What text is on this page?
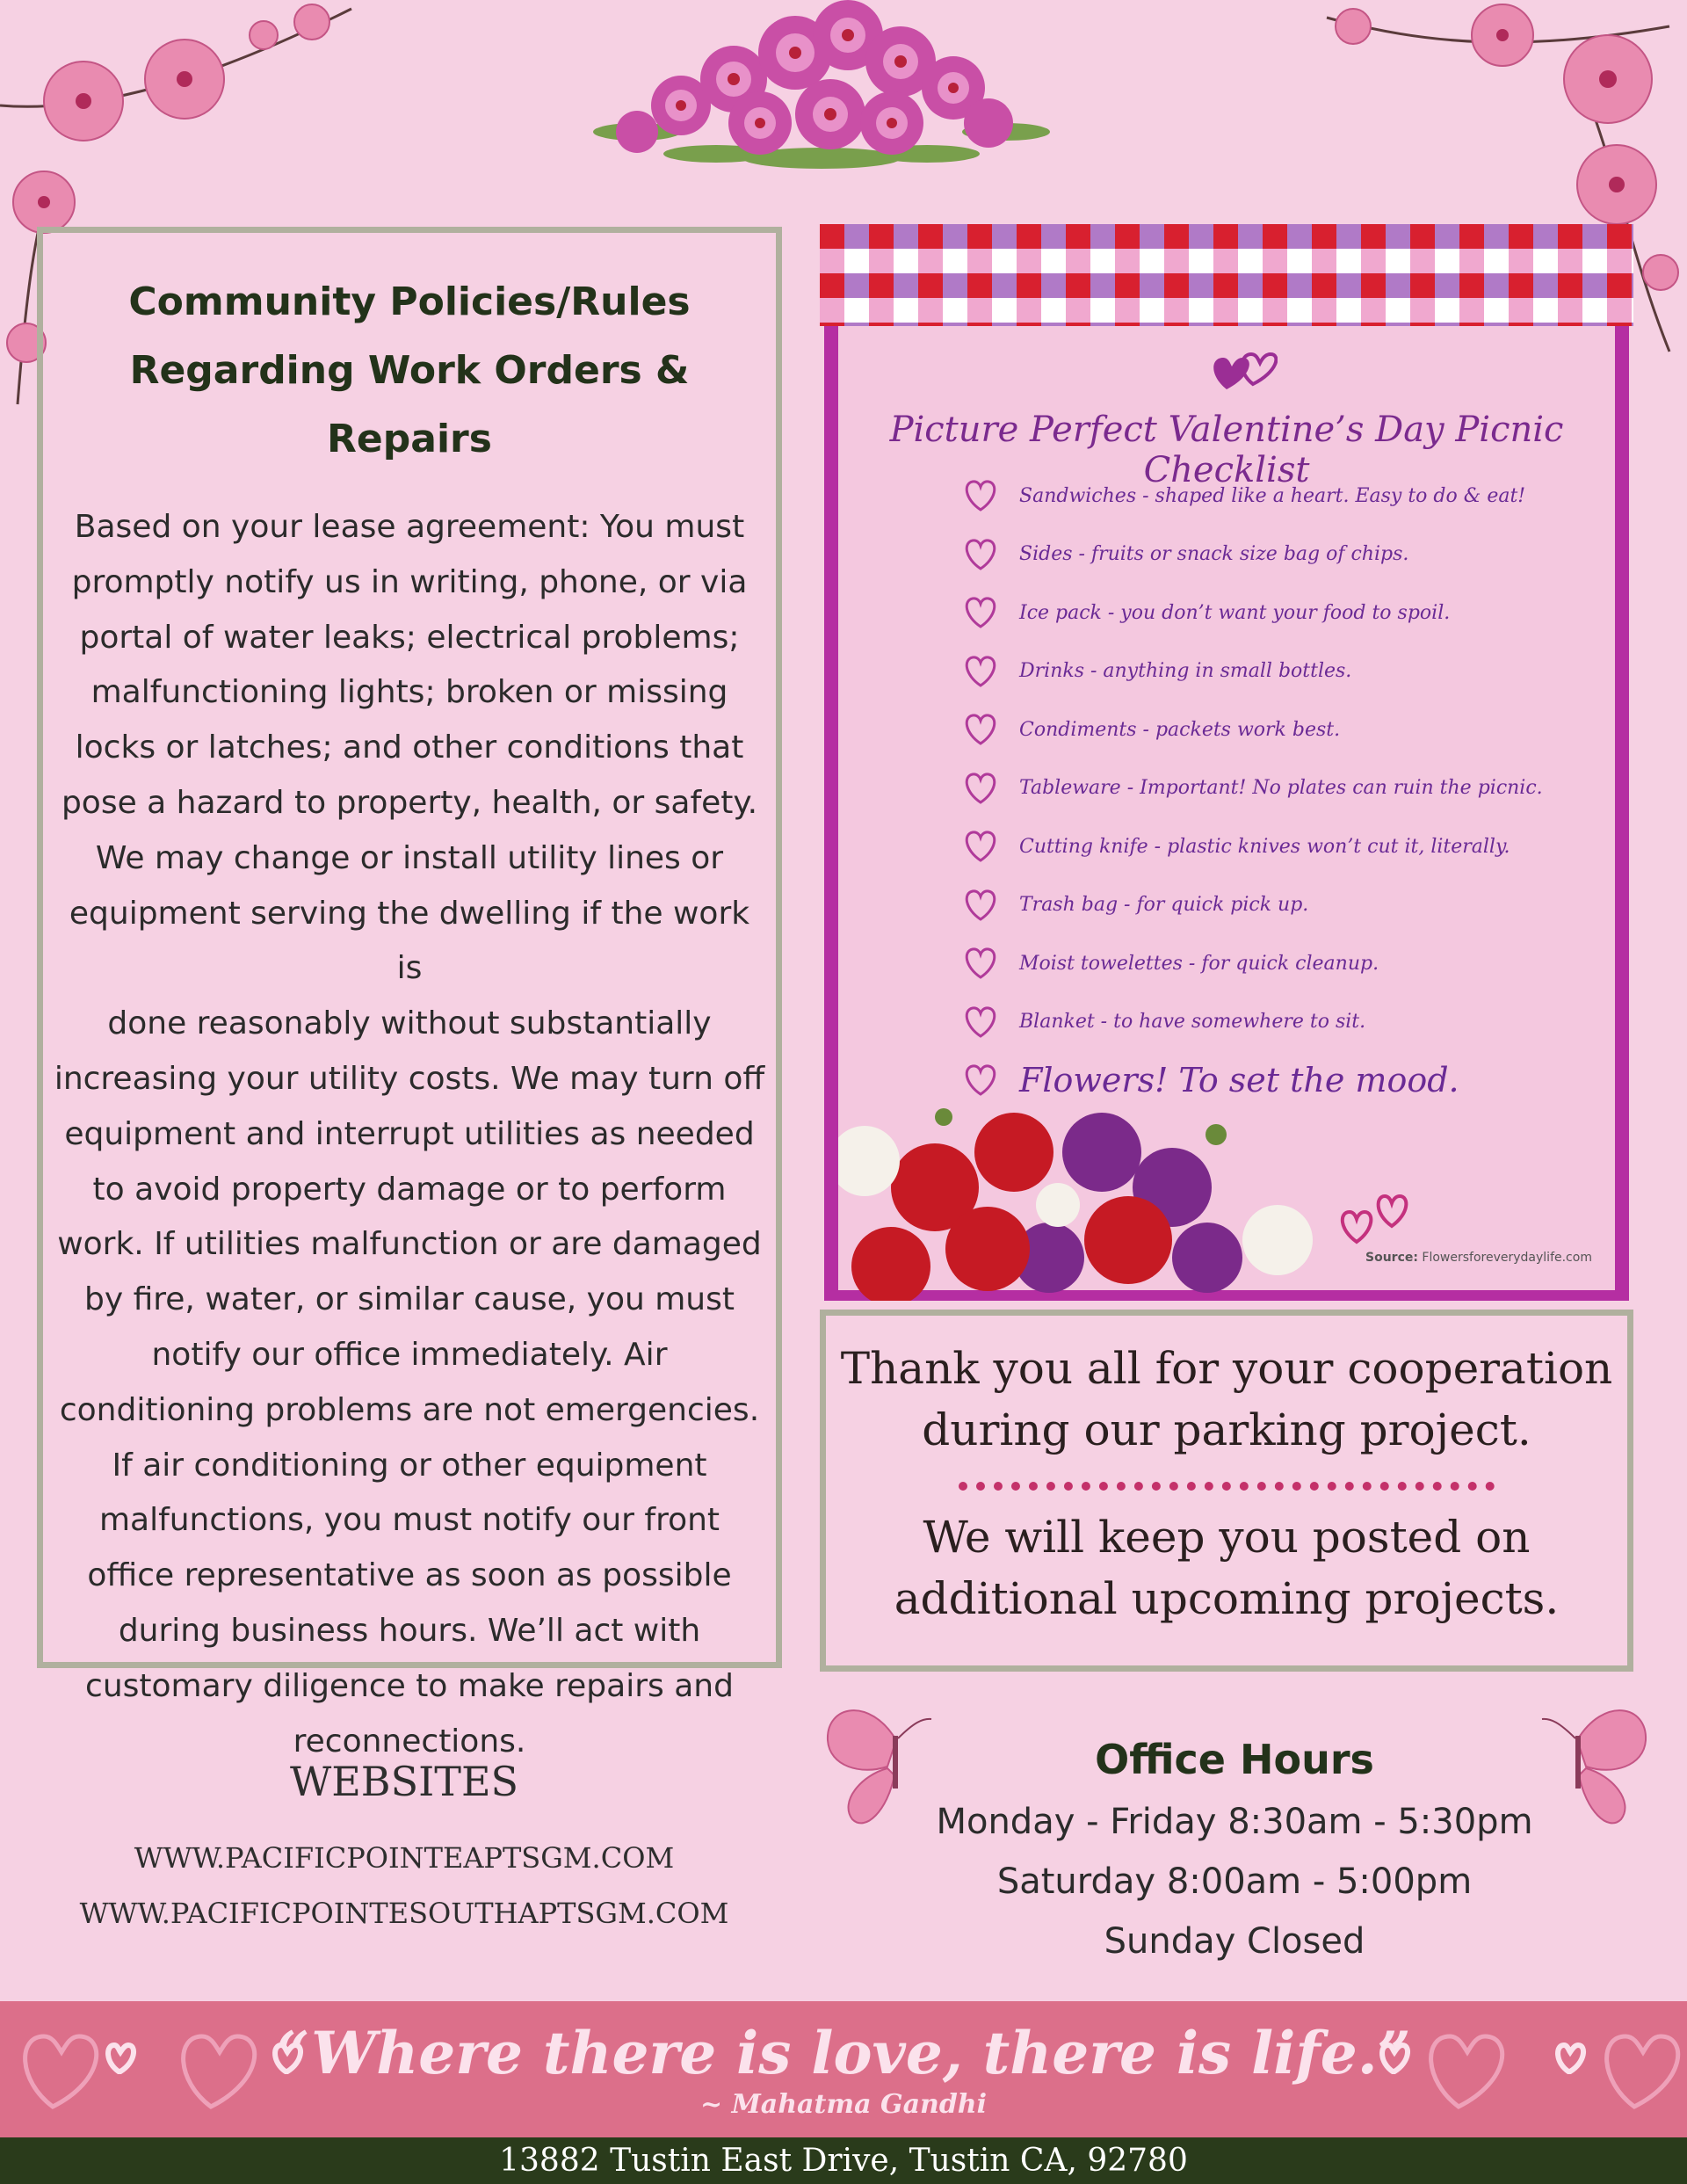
Community Policies/Rules
Regarding Work Orders & Repairs
Based on your lease agreement: You must
promptly notify us in writing, phone, or via
portal of water leaks; electrical problems;
malfunctioning lights; broken or missing
locks or latches; and other conditions that
pose a hazard to property, health, or safety.
We may change or install utility lines or
equipment serving the dwelling if the work is
done reasonably without substantially
increasing your utility costs. We may turn off
equipment and interrupt utilities as needed
to avoid property damage or to perform
work. If utilities malfunction or are damaged
by fire, water, or similar cause, you must
notify our office immediately. Air
conditioning problems are not emergencies.
If air conditioning or other equipment
malfunctions, you must notify our front
office representative as soon as possible
during business hours. We’ll act with
customary diligence to make repairs and
reconnections.
Picture Perfect Valentine’s Day Picnic Checklist
Sandwiches - shaped like a heart. Easy to do & eat!
Sides - fruits or snack size bag of chips.
Ice pack - you don’t want your food to spoil.
Drinks - anything in small bottles.
Condiments - packets work best.
Tableware - Important! No plates can ruin the picnic.
Cutting knife - plastic knives won’t cut it, literally.
Trash bag - for quick pick up.
Moist towelettes - for quick cleanup.
Blanket - to have somewhere to sit.
Flowers! To set the mood.
Source: Flowersforeverydaylife.com
Thank you all for your cooperation
during our parking project.
We will keep you posted on
additional upcoming projects.
WEBSITES
WWW.PACIFICPOINTEAPTSGM.COM
WWW.PACIFICPOINTESOUTHAPTSGM.COM
Office Hours
Monday - Friday 8:30am - 5:30pm
Saturday 8:00am - 5:00pm
Sunday Closed
“Where there is love, there is life.”
~ Mahatma Gandhi
13882 Tustin East Drive, Tustin CA, 92780
